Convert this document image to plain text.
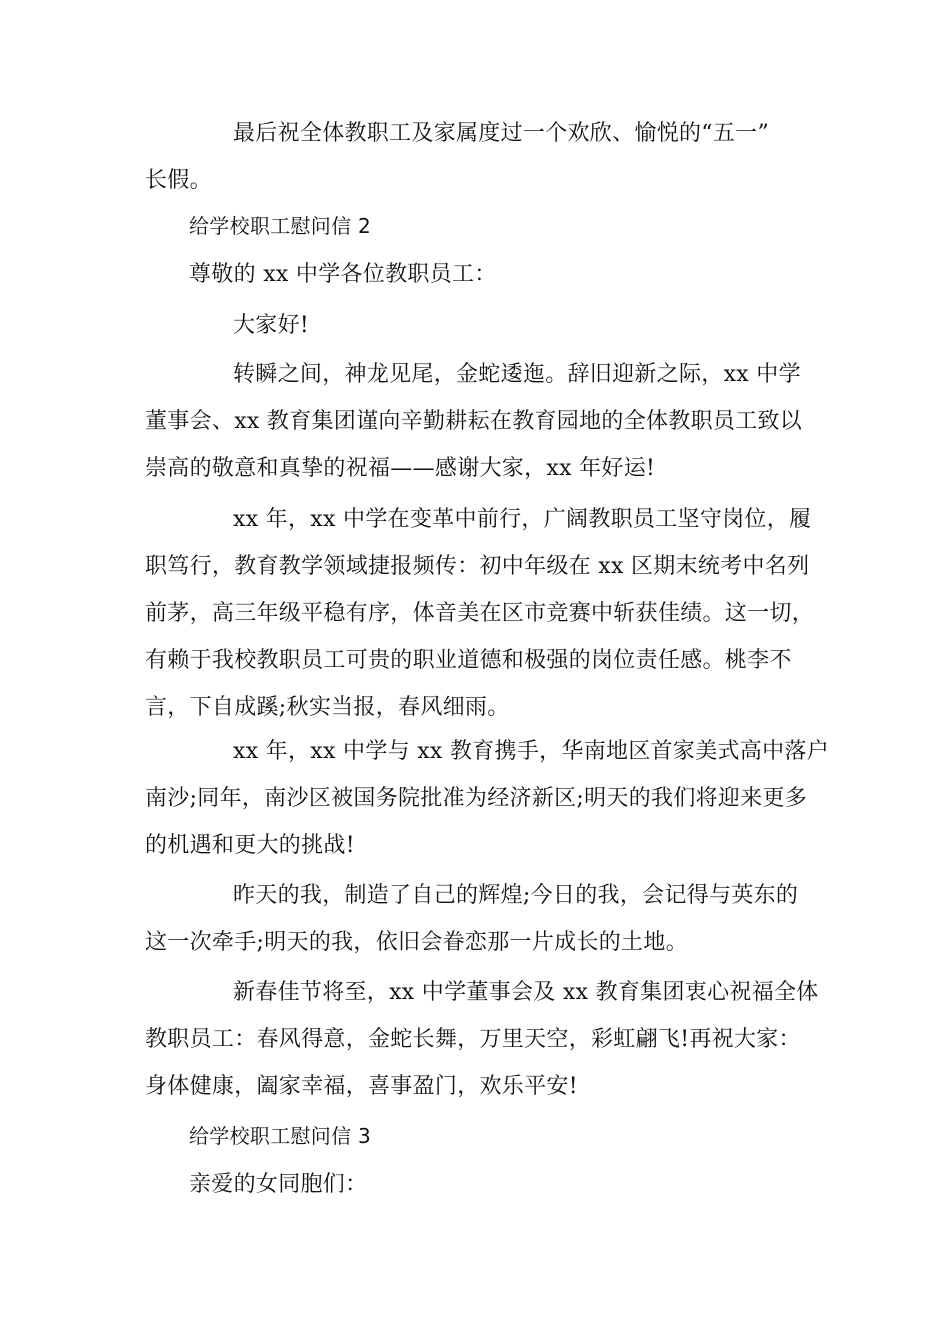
最后祝全体教职工及家属度过一个欢欣、愉悦的“五一”
长假。
给学校职工慰问信 2
尊敬的 xx 中学各位教职员工：
大家好!
转瞬之间，神龙见尾，金蛇逶迤。辞旧迎新之际，xx 中学
董事会、xx 教育集团谨向辛勤耕耘在教育园地的全体教职员工致以
崇高的敬意和真挚的祝福——感谢大家，xx 年好运!
xx 年，xx 中学在变革中前行，广阔教职员工坚守岗位，履
职笃行，教育教学领域捷报频传：初中年级在 xx 区期末统考中名列
前茅，高三年级平稳有序，体音美在区市竞赛中斩获佳绩。这一切，
有赖于我校教职员工可贵的职业道德和极强的岗位责任感。桃李不
言，下自成蹊;秋实当报，春风细雨。
xx 年，xx 中学与 xx 教育携手，华南地区首家美式高中落户
南沙;同年，南沙区被国务院批准为经济新区;明天的我们将迎来更多
的机遇和更大的挑战!
昨天的我，制造了自己的辉煌;今日的我，会记得与英东的
这一次牵手;明天的我，依旧会眷恋那一片成长的土地。
新春佳节将至，xx 中学董事会及 xx 教育集团衷心祝福全体
教职员工：春风得意，金蛇长舞，万里天空，彩虹翩飞!再祝大家：
身体健康，阖家幸福，喜事盈门，欢乐平安!
给学校职工慰问信 3
亲爱的女同胞们：
